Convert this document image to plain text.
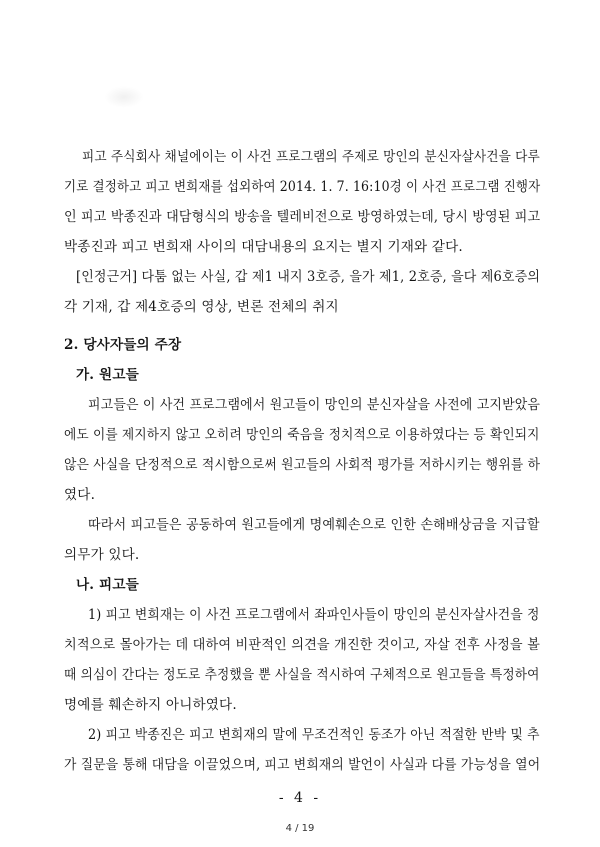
피고 주식회사 채널에이는 이 사건 프로그램의 주제로 망인의 분신자살사건을 다루
기로 결정하고 피고 변희재를 섭외하여 2014. 1. 7. 16:10경 이 사건 프로그램 진행자
인 피고 박종진과 대담형식의 방송을 텔레비전으로 방영하였는데, 당시 방영된 피고
박종진과 피고 변희재 사이의 대담내용의 요지는 별지 기재와 같다.
[인정근거] 다툼 없는 사실, 갑 제1 내지 3호증, 을가 제1, 2호증, 을다 제6호증의
각 기재, 갑 제4호증의 영상, 변론 전체의 취지
2. 당사자들의 주장
가. 원고들
피고들은 이 사건 프로그램에서 원고들이 망인의 분신자살을 사전에 고지받았음
에도 이를 제지하지 않고 오히려 망인의 죽음을 정치적으로 이용하였다는 등 확인되지
않은 사실을 단정적으로 적시함으로써 원고들의 사회적 평가를 저하시키는 행위를 하
였다.
따라서 피고들은 공동하여 원고들에게 명예훼손으로 인한 손해배상금을 지급할
의무가 있다.
나. 피고들
1) 피고 변희재는 이 사건 프로그램에서 좌파인사들이 망인의 분신자살사건을 정
치적으로 몰아가는 데 대하여 비판적인 의견을 개진한 것이고, 자살 전후 사정을 볼
때 의심이 간다는 정도로 추정했을 뿐 사실을 적시하여 구체적으로 원고들을 특정하여
명예를 훼손하지 아니하였다.
2) 피고 박종진은 피고 변희재의 말에 무조건적인 동조가 아닌 적절한 반박 및 추
가 질문을 통해 대담을 이끌었으며, 피고 변희재의 발언이 사실과 다를 가능성을 열어
- 4 -
4 / 19
